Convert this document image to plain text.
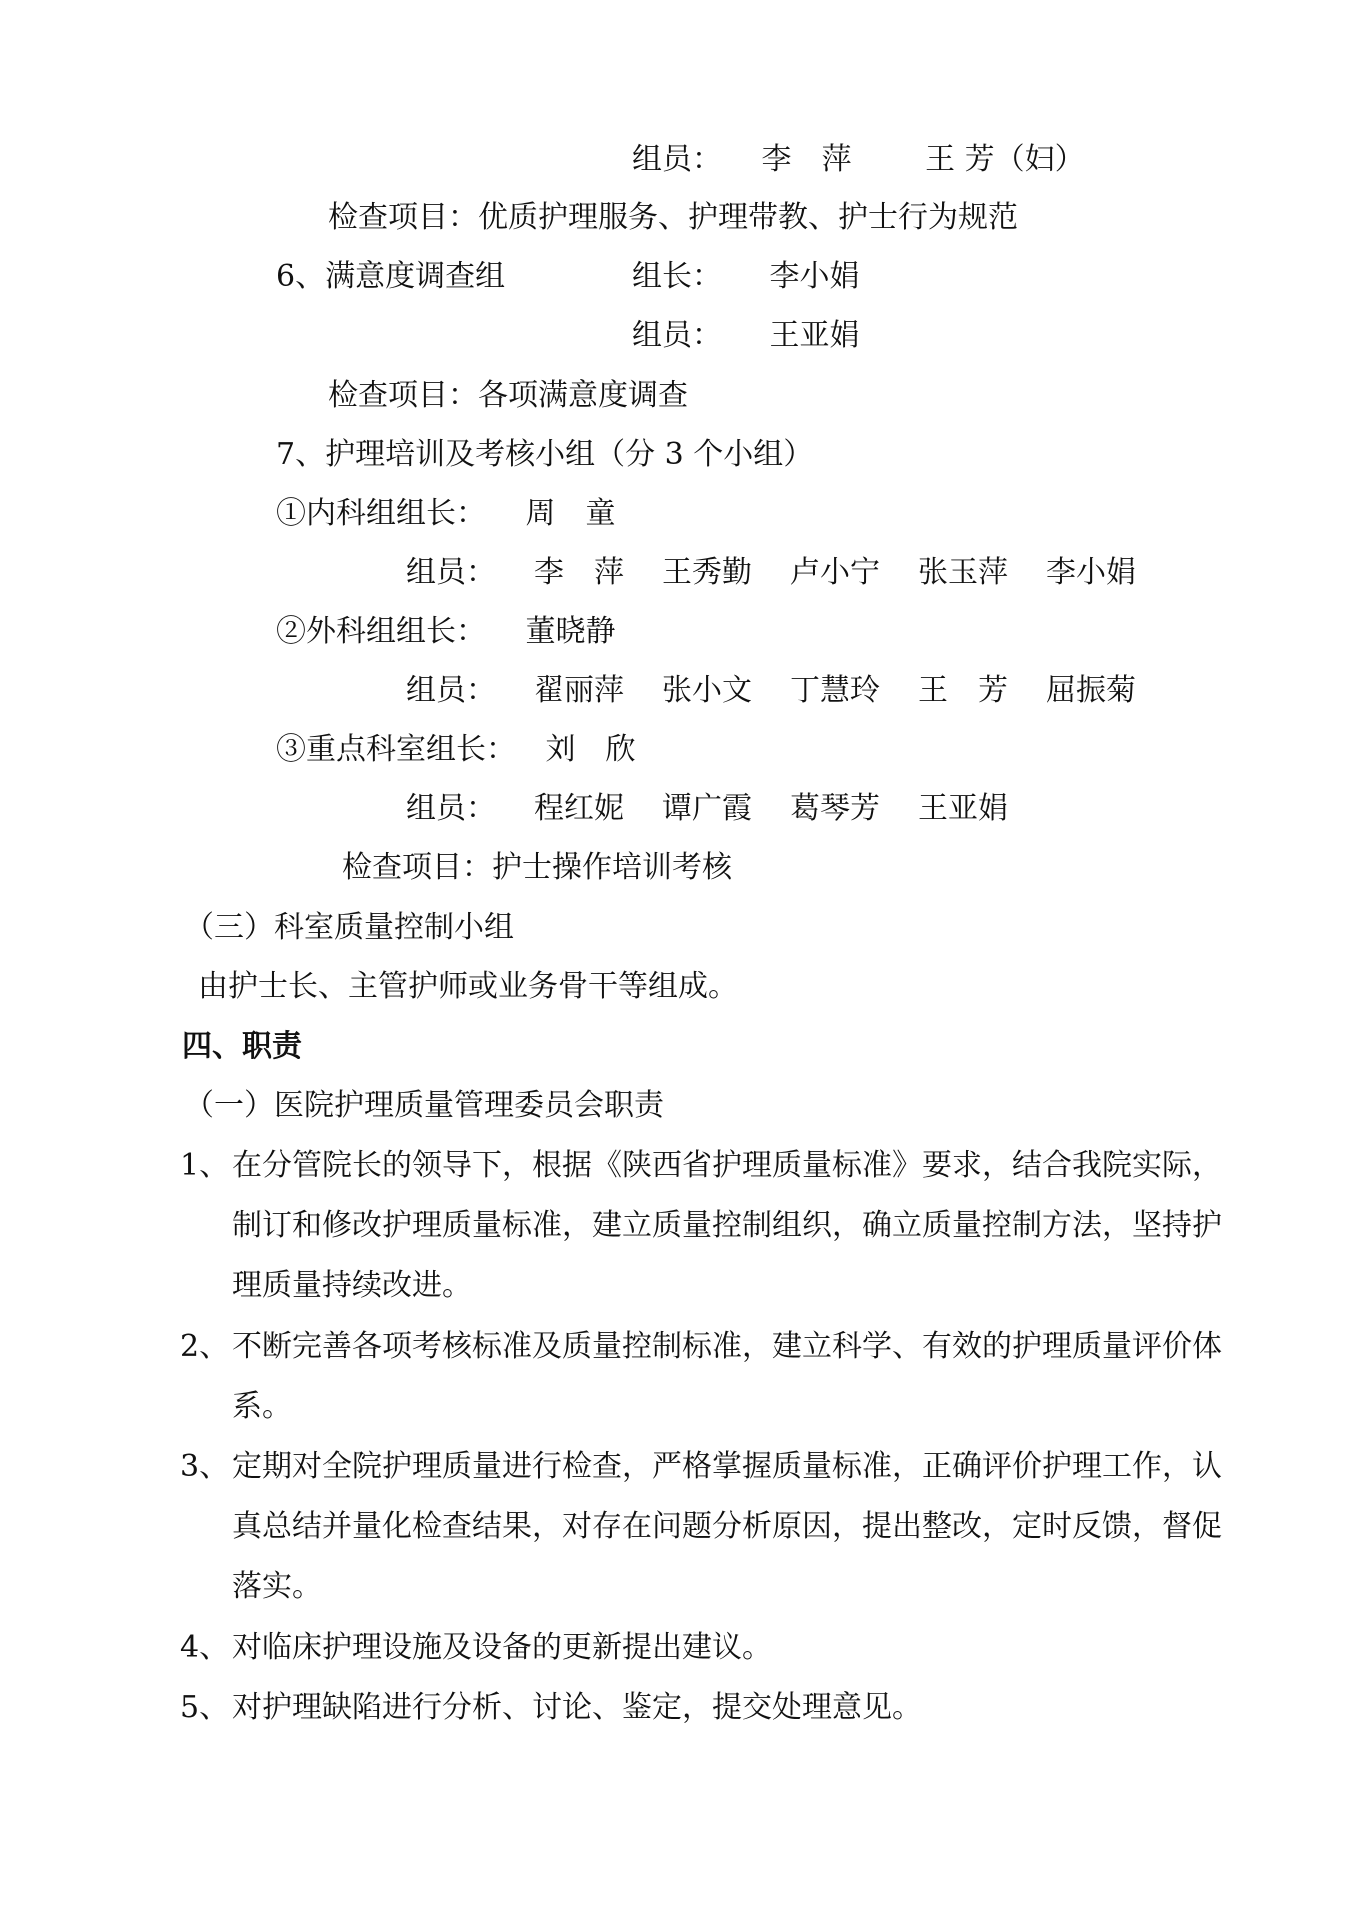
组员： 李　萍 王 芳（妇）
检查项目：优质护理服务、护理带教、护士行为规范
6、满意度调查组	组长： 李小娟
组员： 王亚娟
检查项目：各项满意度调查
7、护理培训及考核小组（分 3 个小组）
①内科组组长： 周　童
组员： 李　萍 王秀勤 卢小宁 张玉萍 李小娟
②外科组组长： 董晓静
组员： 翟丽萍 张小文 丁慧玲 王　芳 屈振菊
③重点科室组长： 刘　欣
组员： 程红妮 谭广霞 葛琴芳 王亚娟
检查项目：护士操作培训考核
（三）科室质量控制小组
由护士长、主管护师或业务骨干等组成。
四、职责
（一）医院护理质量管理委员会职责
1、 在分管院长的领导下，根据《陕西省护理质量标准》要求，结合我院实际，制订和修改护理质量标准，建立质量控制组织，确立质量控制方法，坚持护理质量持续改进。
2、 不断完善各项考核标准及质量控制标准，建立科学、有效的护理质量评价体系。
3、 定期对全院护理质量进行检查，严格掌握质量标准，正确评价护理工作，认真总结并量化检查结果，对存在问题分析原因，提出整改，定时反馈，督促落实。
4、 对临床护理设施及设备的更新提出建议。
5、 对护理缺陷进行分析、讨论、鉴定，提交处理意见。
